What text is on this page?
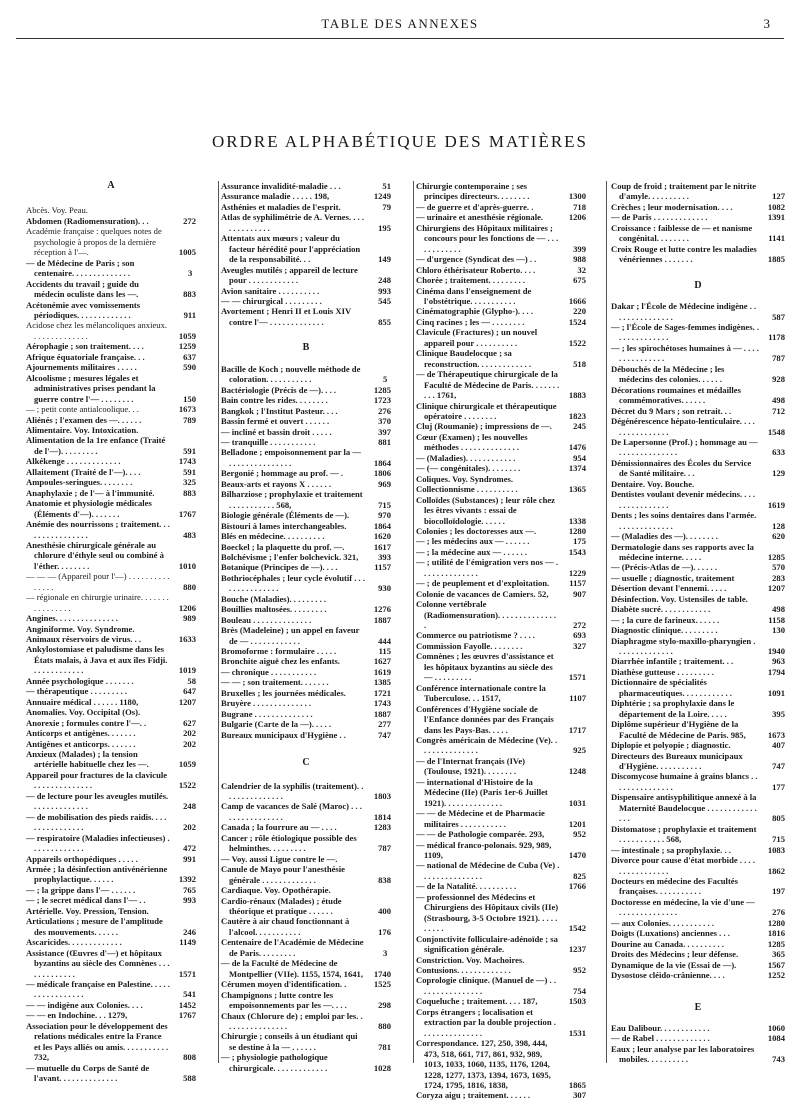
TABLE DES ANNEXES	3
ORDRE ALPHABÉTIQUE DES MATIÈRES
A
Abcès. Voy. Peau.
Abdomen (Radiomensuration). . .	272
Académie française : quelques notes de psychologie à propos de la dernière réception à l'—.	1005
— de Médecine de Paris ; son centenaire. . . . . . . . . . . . . .	3
Accidents du travail ; guide du médecin oculiste dans les —.	883
Acétonémie avec vomissements périodiques. . . . . . . . . . . . .	911
Acidose chez les mélancoliques anxieux. . . . . . . . . . . . . .	1059
Aérophagie ; son traitement. . . .	1259
Afrique équatoriale française. . .	637
Ajournements militaires . . . . .	590
Alcoolisme ; mesures légales et administratives prises pendant la guerre contre l'— . . . . . . . .	150
— ; petit conte antialcoolique. . .	1673
Aliénés ; l'examen des —. . . . . .	789
Alimentaire. Voy. Intoxication.
Alimentation de la 1re enfance (Traité de l'—). . . . . . . . .	591
Alkékenge . . . . . . . . . . . . .	1743
Allaitement (Traité de l'—). . . .	591
Ampoules-seringues. . . . . . . .	325
Anaphylaxie ; de l'— à l'immunité.	883
Anatomie et physiologie médicales (Éléments d'—). . . . . . .	1767
Anémie des nourrissons ; traitement. . . . . . . . . . . . . . . .	483
Anesthésie chirurgicale générale au chlorure d'éthyle seul ou combiné à l'éther. . . . . . . .	1010
— — — (Appareil pour l'—) . . . . . . . . . . . . . . .	880
— régionale en chirurgie urinaire. . . . . . . . . . . . . . . .	1206
Angines. . . . . . . . . . . . . . .	989
Anginiforme. Voy. Syndrome.
Animaux réservoirs de virus. . .	1633
Ankylostomiase et paludisme dans les États malais, à Java et aux îles Fidji. . . . . . . . . . . . .	1019
Année psychologique . . . . . . .	58
— thérapeutique . . . . . . . . .	647
Annuaire médical . . . . . . 1180,	1207
Anomalies. Voy. Occipital (Os).
Anorexie ; formules contre l'—. .	627
Anticorps et antigènes. . . . . . .	202
Antigènes et anticorps. . . . . . .	202
Anxieux (Malades) ; la tension artérielle habituelle chez les —.	1059
Appareil pour fractures de la clavicule . . . . . . . . . . . . . .	1522
— de lecture pour les aveugles mutilés. . . . . . . . . . . . . .	248
— de mobilisation des pieds raidis. . . . . . . . . . . . . . . .	202
— respiratoire (Maladies infectieuses) . . . . . . . . . . . . .	472
Appareils orthopédiques . . . . .	991
Armée ; la désinfection antivénérienne prophylactique. . . . . .	1392
— ; la grippe dans l'— . . . . . .	765
— ; le secret médical dans l'— . .	993
Artérielle. Voy. Pression, Tension.
Articulations ; mesure de l'amplitude des mouvements. . . . . .	246
Ascaricides. . . . . . . . . . . . .	1149
Assistance (Œuvres d'—) et hôpitaux byzantins au siècle des Comnènes . . . . . . . . . . . . .	1571
— médicale française en Palestine. . . . . . . . . . . . . . . . .	541
— — indigène aux Colonies. . . .	1452
— — en Indochine. . . 1279,	1767
Association pour le développement des relations médicales entre la France et les Pays alliés ou amis. . . . . . . . . . . 732,	808
— mutuelle du Corps de Santé de l'avant. . . . . . . . . . . . . .	588
Assurance invalidité-maladie . . .	51
Assurance maladie . . . . . 198,	1249
Asthénies et maladies de l'esprit.	79
Atlas de syphilimétrie de A. Vernes. . . . . . . . . . . . . .	195
Attentats aux mœurs ; valeur du facteur hérédité pour l'appréciation de la responsabilité. . .	149
Aveugles mutilés ; appareil de lecture pour . . . . . . . . . . . .	248
Avion sanitaire . . . . . . . . . .	993
— — chirurgical . . . . . . . . .	545
Avortement ; Henri II et Louis XIV contre l'— . . . . . . . . . . . . .	855
B
Bacille de Koch ; nouvelle méthode de coloration. . . . . . . . . . .	5
Bactériologie (Précis de —). . . .	1285
Bain contre les rides. . . . . . . .	1723
Bangkok ; l'Institut Pasteur. . . .	276
Bassin fermé et ouvert . . . . . .	370
— incliné et bassin droit . . . . .	397
— tranquille . . . . . . . . . . .	881
Belladone ; empoisonnement par la — . . . . . . . . . . . . . . .	1864
Bergonié ; hommage au prof. — .	1806
Beaux-arts et rayons X . . . . . .	969
Bilharziose ; prophylaxie et traitement . . . . . . . . . . . 568,	715
Biologie générale (Éléments de —).	970
Bistouri à lames interchangeables.	1864
Blés en médecine. . . . . . . . . .	1620
Boeckel ; la plaquette du prof. —.	1617
Bolchévisme ; l'enfer bolchevick. 321, 393
Botanique (Principes de —). . . .	1157
Bothriocéphales ; leur cycle évolutif . . . . . . . . . . . . . . .	930
Bouche (Maladies). . . . . . . . .
Bouillies maltosées. . . . . . . . .	1276
Bouleau . . . . . . . . . . . . . .	1887
Brès (Madeleine) ; un appel en faveur de — . . . . . . . . . . . .	444
Bromoforme : formulaire . . . . .	115
Bronchite aiguë chez les enfants.	1627
— chronique . . . . . . . . . . .	1619
— — ; son traitement. . . . . . .	1385
Bruxelles ; les journées médicales.	1721
Bruyère . . . . . . . . . . . . . .	1743
Bugrane . . . . . . . . . . . . . .	1887
Bulgarie (Carte de la —). . . . .	277
Bureaux municipaux d'Hygiène . .	747
C
Calendrier de la syphilis (traitement). . . . . . . . . . . . . . .	1803
Camp de vacances de Salé (Maroc) . . . . . . . . . . . . . . . .	1814
Canada ; la fourrure au — . . . .	1283
Cancer ; rôle étiologique possible des helminthes. . . . . . . . .	787
— Voy. aussi Ligue contre le —.
Canule de Mayo pour l'anesthésie générale . . . . . . . . . . . . .	838
Cardiaque. Voy. Opothérapie.
Cardio-rénaux (Malades) ; étude théorique et pratique . . . . . .	400
Cautère à air chaud fonctionnant à l'alcool. . . . . . . . . . .	176
Centenaire de l'Académie de Médecine de Paris. . . . . . . . .	3
— de la Faculté de Médecine de Montpellier (VIIe). 1155, 1574, 1641, 1740
Cérumen moyen d'identification. .	1525
Champignons ; lutte contre les empoisonnements par les —. . . .	298
Chaux (Chlorure de) ; emploi par les. . . . . . . . . . . . . . . .	880
Chirurgie ; conseils à un étudiant qui se destine à la — . . . . . .	781
— ; physiologie pathologique chirurgicale. . . . . . . . . . . . .	1028
Chirurgie contemporaine ; ses principes directeurs. . . . . . . .	1300
— de guerre et d'après-guerre. .	718
— urinaire et anesthésie régionale.	1206
Chirurgiens des Hôpitaux militaires ; concours pour les fonctions de — . . . . . . . . . . . .	399
— d'urgence (Syndicat des —) . .	988
Chloro éthérisateur Roberto. . . .	32
Chorée ; traitement. . . . . . . . .	675
Cinéma dans l'enseignement de l'obstétrique. . . . . . . . . . .	1666
Cinématographie (Glypho-). . . .	220
Cinq racines ; les — . . . . . . . .	1524
Clavicule (Fractures) ; un nouvel appareil pour . . . . . . . . . .	1522
Clinique Baudelocque ; sa reconstruction. . . . . . . . . . . . .	518
— de Thérapeutique chirurgicale de la Faculté de Médecine de Paris. . . . . . . . . . 1761,	1883
Clinique chirurgicale et thérapeutique opératoire . . . . . . . .	1823
Cluj (Roumanie) ; impressions de —. 245
Cœur (Examen) ; les nouvelles méthodes . . . . . . . . . . . . . .	1476
— (Maladies). . . . . . . . . . . .	954
— (— congénitales). . . . . . . .	1374
Coliques. Voy. Syndromes.
Collectionnisme . . . . . . . . . .	1365
Colloïdes (Substances) ; leur rôle chez les êtres vivants : essai de biocolloïdologie. . . . . .	1338
Colonies ; les doctoresses aux —.	1280
— ; les médecins aux — . . . . . .	175
— ; la médecine aux — . . . . . .	1543
— ; utilité de l'émigration vers nos — . . . . . . . . . . . . . .	1229
— ; de peuplement et d'exploitation. 1157
Colonie de vacances de Camiers. 52,	907
Colonne vertébrale (Radiomensuration). . . . . . . . . . . . . . .	272
Commerce ou patriotisme ? . . . .	693
Commission Fayolle. . . . . . . .	327
Comnènes ; les œuvres d'assistance et les hôpitaux byzantins au siècle des — . . . . . . . . .	1571
Conférence internationale contre la Tuberculose. . . 1517,	1107
Conférences d'Hygiène sociale de l'Enfance données par des Français dans les Pays-Bas. . . . .	1717
Congrès américain de Médecine (Ve). . . . . . . . . . . . . . .	925
— de l'Internat français (IVe) (Toulouse, 1921). . . . . . . .	1248
— international d'Histoire de la Médecine (IIe) (Paris 1er-6 Juillet 1921). . . . . . . . . . . . . .	1031
— — de Médecine et de Pharmacie militaires . . . . . . . . . . .	1201
— — de Pathologie comparée. 293,	952
— médical franco-polonais. 929, 989, 1109,	1470
— national de Médecine de Cuba (Ve) . . . . . . . . . . . . . . .	825
— de la Natalité. . . . . . . . . .	1766
— professionnel des Médecins et Chirurgiens des Hôpitaux civils (IIe) (Strasbourg, 3-5 Octobre 1921). . . . . . . . . .	1542
Conjonctivite folliculaire-adénoïde ; sa signification générale.	1237
Constriction. Voy. Machoires.
Contusions. . . . . . . . . . . . .	952
Coprologie clinique. (Manuel de —) . . . . . . . . . . . . . . . .	754
Coqueluche ; traitement. . . . 187,	1503
Corps étrangers ; localisation et extraction par la double projection . . . . . . . . . . . . . . .	1531
Correspondance. 127, 250, 398, 444, 473, 518, 661, 717, 861, 932, 989, 1013, 1033, 1060, 1135, 1176, 1204, 1228, 1277, 1373, 1394, 1673, 1695, 1724, 1795, 1816, 1838,	1865
Coryza aigu ; traitement. . . . . .	307
Coup de froid ; traitement par le nitrite d'amyle. . . . . . . . . .	127
Crèches ; leur modernisation. . . .	1082
— de Paris . . . . . . . . . . . . .	1391
Croissance : faiblesse de — et nanisme congénital. . . . . . . .	1141
Croix Rouge et lutte contre les maladies vénériennes . . . . . . .	1885
D
Dakar ; l'École de Médecine indigène . . . . . . . . . . . . . . .	587
— ; l'École de Sages-femmes indigènes. . . . . . . . . . . . . .	1178
— ; les spirochétoses humaines à — . . . . . . . . . . . . . . .	787
Débouchés de la Médecine ; les médecins des colonies. . . . . .	928
Décorations roumaines et médailles commémoratives. . . . . .	498
Décret du 9 Mars ; son retrait. . .	712
Dégénérescence hépato-lenticulaire. . . . . . . . . . . . . . . .	1548
De Lapersonne (Prof.) ; hommage au — . . . . . . . . . . . . . .	633
Démissionnaires des Écoles du Service de Santé militaire. . .	129
Dentaire. Voy. Bouche.
Dentistes voulant devenir médecins. . . . . . . . . . . . . . . .	1619
Dents ; les soins dentaires dans l'armée. . . . . . . . . . . . . .	128
— (Maladies des —). . . . . . . .	620
Dermatologie dans ses rapports avec la médecine interne. . . . .	1285
— (Précis-Atlas de —). . . . . .	570
— usuelle ; diagnostic, traitement	283
Désertion devant l'ennemi. . . . .	1207
Désinfection. Voy. Ustensiles de table.
Diabète sucré. . . . . . . . . . . .	498
— ; la cure de farineux. . . . . .	1158
Diagnostic clinique. . . . . . . . .	130
Diaphragme stylo-maxillo-pharyngien . . . . . . . . . . . . . .	1940
Diarrhée infantile ; traitement. . .	963
Diathèse gutteuse . . . . . . . . .	1794
Dictionnaire de spécialités pharmaceutiques. . . . . . . . . . . .	1091
Diphtérie ; sa prophylaxie dans le département de la Loire. . . . .	395
Diplôme supérieur d'Hygiène de la Faculté de Médecine de Paris. 985,	1673
Diplopie et polyopie ; diagnostic.	407
Directeurs des Bureaux municipaux d'Hygiène. . . . . . . . . . .	747
Discomycose humaine à grains blancs . . . . . . . . . . . . . . .	177
Dispensaire antisyphilitique annexé à la Maternité Baudelocque . . . . . . . . . . . . . . .	805
Distomatose ; prophylaxie et traitement . . . . . . . . . . . 568,	715
— intestinale ; sa prophylaxie. . .	1083
Divorce pour cause d'état morbide . . . . . . . . . . . . . . . .	1862
Docteurs en médecine des Facultés françaises. . . . . . . . . . .	197
Doctoresse en médecine, la vie d'une — . . . . . . . . . . . . . .	276
— aux Colonies. . . . . . . . . . .	1280
Doigts (Luxations) anciennes . . .	1816
Dourine au Canada. . . . . . . . . .	1285
Droits des Médecins ; leur défense.	365
Dynamique de la vie (Essai de —).	1567
Dysostose cléido-crânienne. . . .	1252
E
Eau Dalibour. . . . . . . . . . . .	1060
— de Rabel . . . . . . . . . . . . .	1084
Eaux ; leur analyse par les laboratoires mobiles. . . . . . . . . .	743
